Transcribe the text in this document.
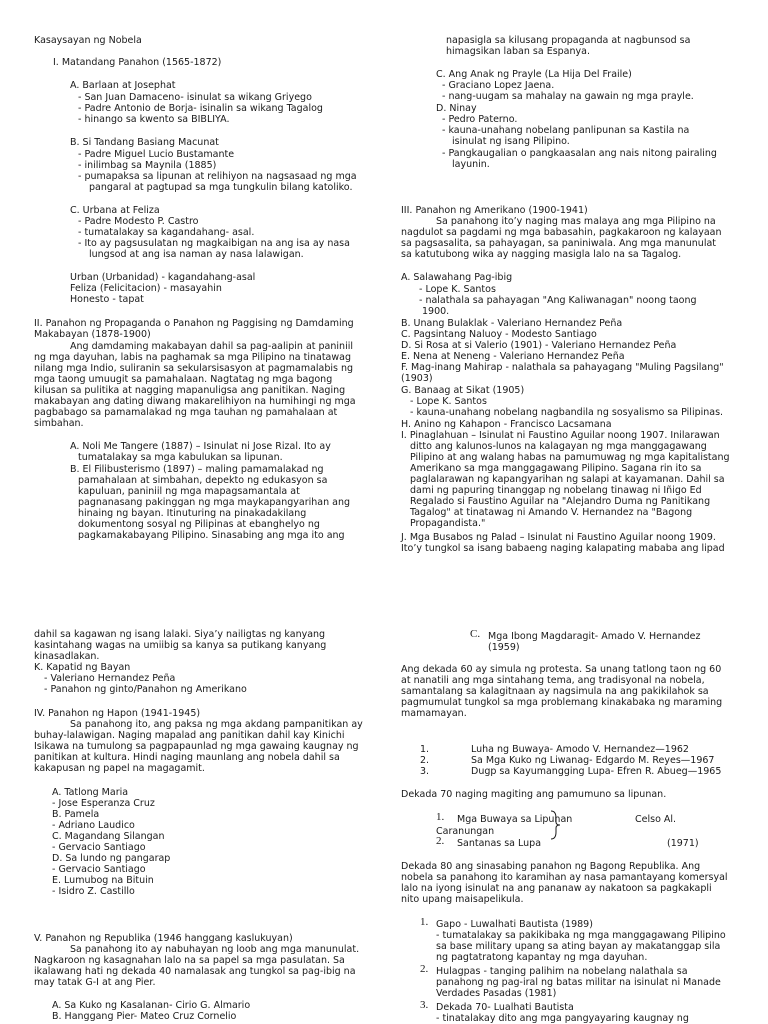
Kasaysayan ng Nobela
I. Matandang Panahon (1565-1872)
A. Barlaan at Josephat
- San Juan Damaceno- isinulat sa wikang Griyego
- Padre Antonio de Borja- isinalin sa wikang Tagalog
- hinango sa kwento sa BIBLIYA.
B. Si Tandang Basiang Macunat
- Padre Miguel Lucio Bustamante
- inilimbag sa Maynila (1885)
- pumapaksa sa lipunan at relihiyon na nagsasaad ng mga
pangaral at pagtupad sa mga tungkulin bilang katoliko.
C. Urbana at Feliza
- Padre Modesto P. Castro
- tumatalakay sa kagandahang- asal.
- Ito ay pagsusulatan ng magkaibigan na ang isa ay nasa
lungsod at ang isa naman ay nasa lalawigan.
Urban (Urbanidad) - kagandahang-asal
Feliza (Felicitacion) - masayahin
Honesto - tapat
II. Panahon ng Propaganda o Panahon ng Paggising ng Damdaming
Makabayan (1878-1900)
Ang damdaming makabayan dahil sa pag-aalipin at paniniil
ng mga dayuhan, labis na paghamak sa mga Pilipino na tinatawag
nilang mga Indio, suliranin sa sekularsisasyon at pagmamalabis ng
mga taong umuugit sa pamahalaan. Nagtatag ng mga bagong
kilusan sa pulitika at nagging mapanuligsa ang panitikan. Naging
makabayan ang dating diwang makarelihiyon na humihingi ng mga
pagbabago sa pamamalakad ng mga tauhan ng pamahalaan at
simbahan.
A. Noli Me Tangere (1887) – Isinulat ni Jose Rizal. Ito ay
tumatalakay sa mga kabulukan sa lipunan.
B. El Filibusterismo (1897) – maling pamamalakad ng
pamahalaan at simbahan, depekto ng edukasyon sa
kapuluan, paniniil ng mga mapagsamantala at
pagnanasang pakinggan ng mga maykapangyarihan ang
hinaing ng bayan. Itinuturing na pinakadakilang
dokumentong sosyal ng Pilipinas at ebanghelyo ng
pagkamakabayang Pilipino. Sinasabing ang mga ito ang
napasigla sa kilusang propaganda at nagbunsod sa
himagsikan laban sa Espanya.
C. Ang Anak ng Prayle (La Hija Del Fraile)
- Graciano Lopez Jaena.
- nang-uugam sa mahalay na gawain ng mga prayle.
D. Ninay
- Pedro Paterno.
- kauna-unahang nobelang panlipunan sa Kastila na
isinulat ng isang Pilipino.
- Pangkaugalian o pangkaasalan ang nais nitong pairaling
layunin.
III. Panahon ng Amerikano (1900-1941)
Sa panahong ito’y naging mas malaya ang mga Pilipino na
nagdulot sa pagdami ng mga babasahin, pagkakaroon ng kalayaan
sa pagsasalita, sa pahayagan, sa paniniwala. Ang mga manunulat
sa katutubong wika ay nagging masigla lalo na sa Tagalog.
A. Salawahang Pag-ibig
- Lope K. Santos
- nalathala sa pahayagan "Ang Kaliwanagan" noong taong
1900.
B. Unang Bulaklak - Valeriano Hernandez Peña
C. Pagsintang Naluoy - Modesto Santiago
D. Si Rosa at si Valerio (1901) - Valeriano Hernandez Peña
E. Nena at Neneng - Valeriano Hernandez Peña
F. Mag-inang Mahirap - nalathala sa pahayagang "Muling Pagsilang"
(1903)
G. Banaag at Sikat (1905)
- Lope K. Santos
- kauna-unahang nobelang nagbandila ng sosyalismo sa Pilipinas.
H. Anino ng Kahapon - Francisco Lacsamana
I. Pinaglahuan – Isinulat ni Faustino Aguilar noong 1907. Inilarawan
ditto ang kalunos-lunos na kalagayan ng mga manggagawang
Pilipino at ang walang habas na pamumuwag ng mga kapitalistang
Amerikano sa mga manggagawang Pilipino. Sagana rin ito sa
paglalarawan ng kapangyarihan ng salapi at kayamanan. Dahil sa
dami ng papuring tinanggap ng nobelang tinawag ni Iñigo Ed
Regalado si Faustino Aguilar na "Alejandro Duma ng Panitikang
Tagalog" at tinatawag ni Amando V. Hernandez na "Bagong
Propagandista."
J. Mga Busabos ng Palad – Isinulat ni Faustino Aguilar noong 1909.
Ito’y tungkol sa isang babaeng naging kalapating mababa ang lipad
dahil sa kagawan ng isang lalaki. Siya’y nailigtas ng kanyang
kasintahang wagas na umiibig sa kanya sa putikang kanyang
kinasadlakan.
K. Kapatid ng Bayan
- Valeriano Hernandez Peña
- Panahon ng ginto/Panahon ng Amerikano
IV. Panahon ng Hapon (1941-1945)
Sa panahong ito, ang paksa ng mga akdang pampanitikan ay
buhay-lalawigan. Naging mapalad ang panitikan dahil kay Kinichi
Isikawa na tumulong sa pagpapaunlad ng mga gawaing kaugnay ng
panitikan at kultura. Hindi naging maunlang ang nobela dahil sa
kakapusan ng papel na magagamit.
A. Tatlong Maria
- Jose Esperanza Cruz
B. Pamela
- Adriano Laudico
C. Magandang Silangan
- Gervacio Santiago
D. Sa lundo ng pangarap
- Gervacio Santiago
E. Lumubog na Bituin
- Isidro Z. Castillo
V. Panahon ng Republika (1946 hanggang kaslukuyan)
Sa panahong ito ay nabuhayan ng loob ang mga manunulat.
Nagkaroon ng kasagnahan lalo na sa papel sa mga pasulatan. Sa
ikalawang hati ng dekada 40 namalasak ang tungkol sa pag-ibig na
may tatak G-I at ang Pier.
A. Sa Kuko ng Kasalanan- Cirio G. Almario
B. Hanggang Pier- Mateo Cruz Cornelio
C. Mga Ibong Magdaragit- Amado V. Hernandez
(1959)
Ang dekada 60 ay simula ng protesta. Sa unang tatlong taon ng 60
at nanatili ang mga sintahang tema, ang tradisyonal na nobela,
samantalang sa kalagitnaan ay nagsimula na ang pakikilahok sa
pagmumulat tungkol sa mga problemang kinakabaka ng maraming
mamamayan.
1.	Luha ng Buwaya- Amodo V. Hernandez—1962
2.	Sa Mga Kuko ng Liwanag- Edgardo M. Reyes—1967
3.	Dugp sa Kayumangging Lupa- Efren R. Abueg—1965
Dekada 70 naging magiting ang pamumuno sa lipunan.
1. Mga Buwaya sa Lipunan	Celso Al.
Caranungan
2. Santanas sa Lupa	(1971)
Dekada 80 ang sinasabing panahon ng Bagong Republika. Ang
nobela sa panahong ito karamihan ay nasa pamantayang komersyal
lalo na iyong isinulat na ang pananaw ay nakatoon sa pagkakapli
nito upang maisapelikula.
1. Gapo - Luwalhati Bautista (1989)
- tumatalakay sa pakikibaka ng mga manggagawang Pilipino
sa base military upang sa ating bayan ay makatanggap sila
ng pagtatratong kapantay ng mga dayuhan.
2. Hulagpas - tanging palihim na nobelang nalathala sa
panahong ng pag-iral ng batas militar na isinulat ni Manade
Verdades Pasadas (1981)
3. Dekada 70- Lualhati Bautista
- tinatalakay dito ang mga pangyayaring kaugnay ng
